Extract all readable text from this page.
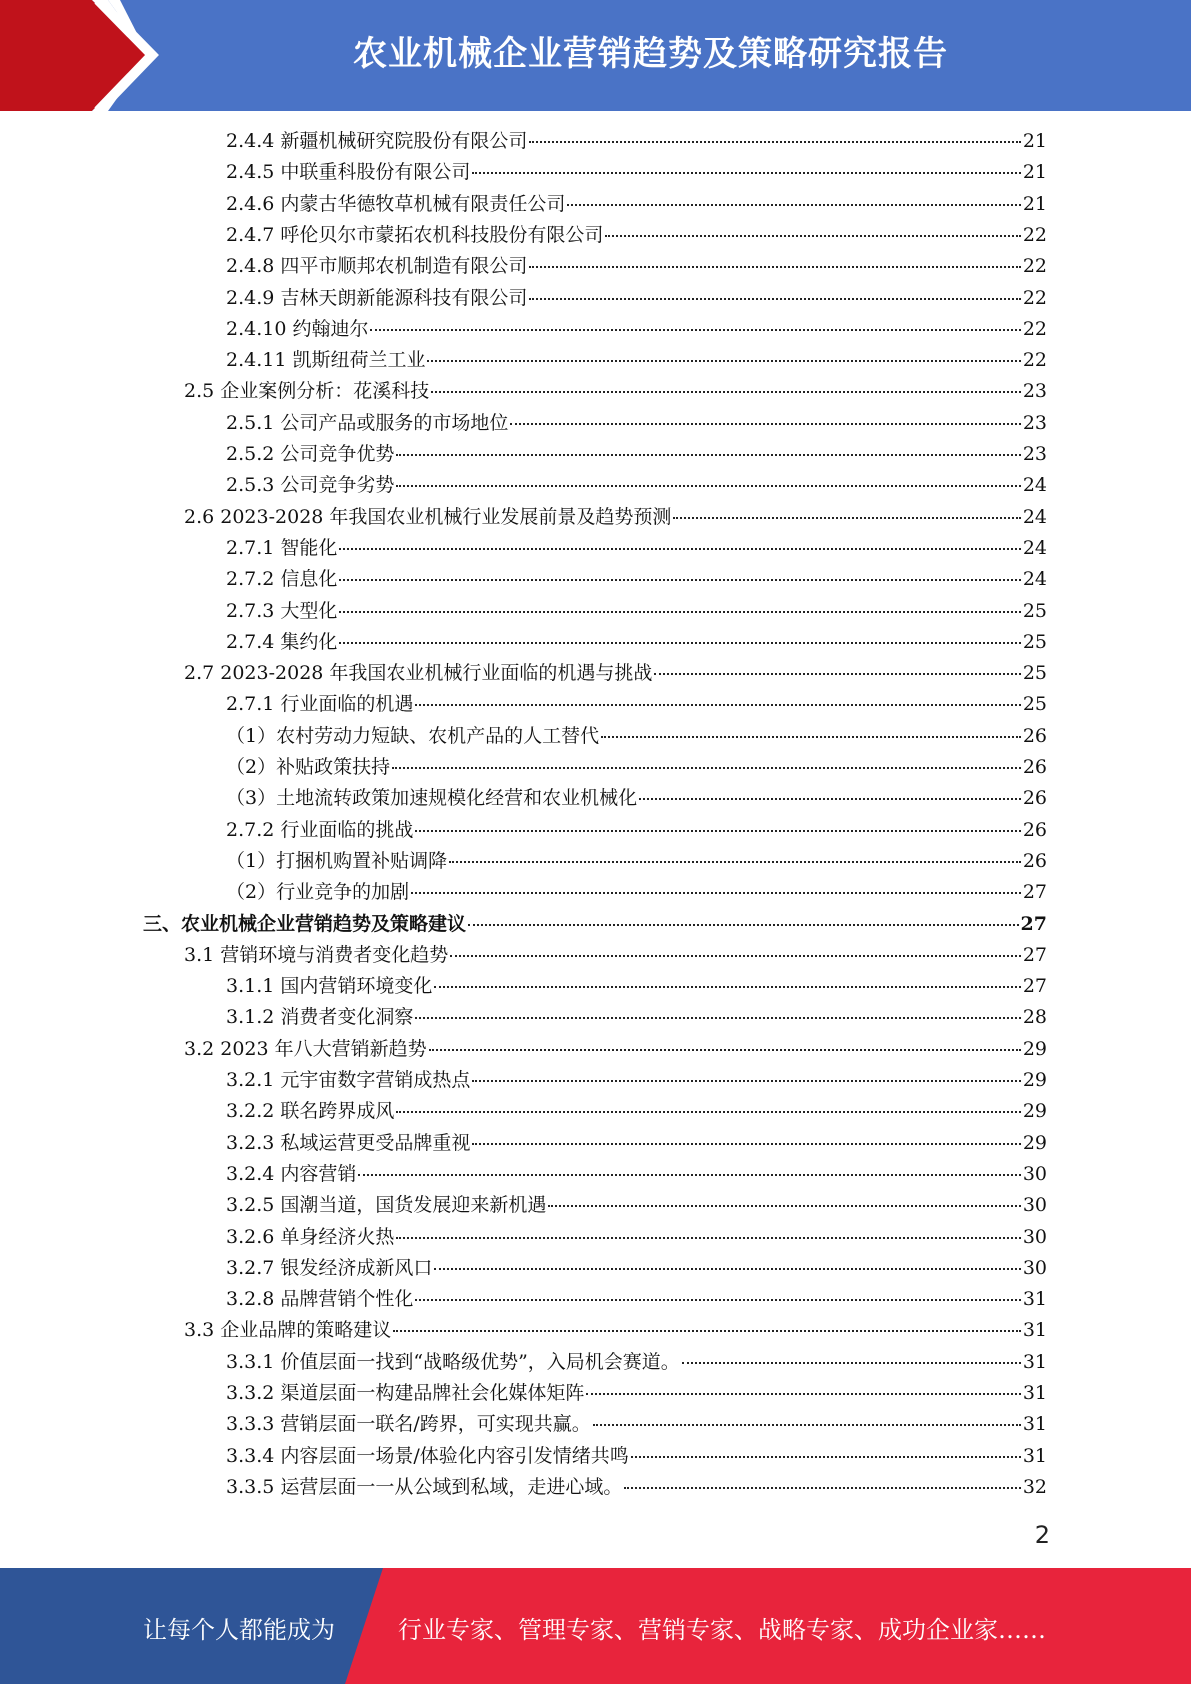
农业机械企业营销趋势及策略研究报告
2.4.4 新疆机械研究院股份有限公司	21
2.4.5 中联重科股份有限公司	21
2.4.6 内蒙古华德牧草机械有限责任公司	21
2.4.7 呼伦贝尔市蒙拓农机科技股份有限公司	22
2.4.8 四平市顺邦农机制造有限公司	22
2.4.9 吉林天朗新能源科技有限公司	22
2.4.10 约翰迪尔	22
2.4.11 凯斯纽荷兰工业	22
2.5 企业案例分析：花溪科技	23
2.5.1 公司产品或服务的市场地位	23
2.5.2 公司竞争优势	23
2.5.3 公司竞争劣势	24
2.6 2023-2028 年我国农业机械行业发展前景及趋势预测	24
2.7.1 智能化	24
2.7.2 信息化	24
2.7.3 大型化	25
2.7.4 集约化	25
2.7 2023-2028 年我国农业机械行业面临的机遇与挑战	25
2.7.1 行业面临的机遇	25
（1）农村劳动力短缺、农机产品的人工替代	26
（2）补贴政策扶持	26
（3）土地流转政策加速规模化经营和农业机械化	26
2.7.2 行业面临的挑战	26
（1）打捆机购置补贴调降	26
（2）行业竞争的加剧	27
三、农业机械企业营销趋势及策略建议	27
3.1 营销环境与消费者变化趋势	27
3.1.1 国内营销环境变化	27
3.1.2 消费者变化洞察	28
3.2 2023 年八大营销新趋势	29
3.2.1 元宇宙数字营销成热点	29
3.2.2 联名跨界成风	29
3.2.3 私域运营更受品牌重视	29
3.2.4 内容营销	30
3.2.5 国潮当道，国货发展迎来新机遇	30
3.2.6 单身经济火热	30
3.2.7 银发经济成新风口	30
3.2.8 品牌营销个性化	31
3.3 企业品牌的策略建议	31
3.3.1 价值层面一找到“战略级优势”，入局机会赛道。	31
3.3.2 渠道层面一构建品牌社会化媒体矩阵	31
3.3.3 营销层面一联名/跨界，可实现共赢。	31
3.3.4 内容层面一场景/体验化内容引发情绪共鸣	31
3.3.5 运营层面一一从公域到私域，走进心域。	32
2
让每个人都能成为	行业专家、管理专家、营销专家、战略专家、成功企业家……
